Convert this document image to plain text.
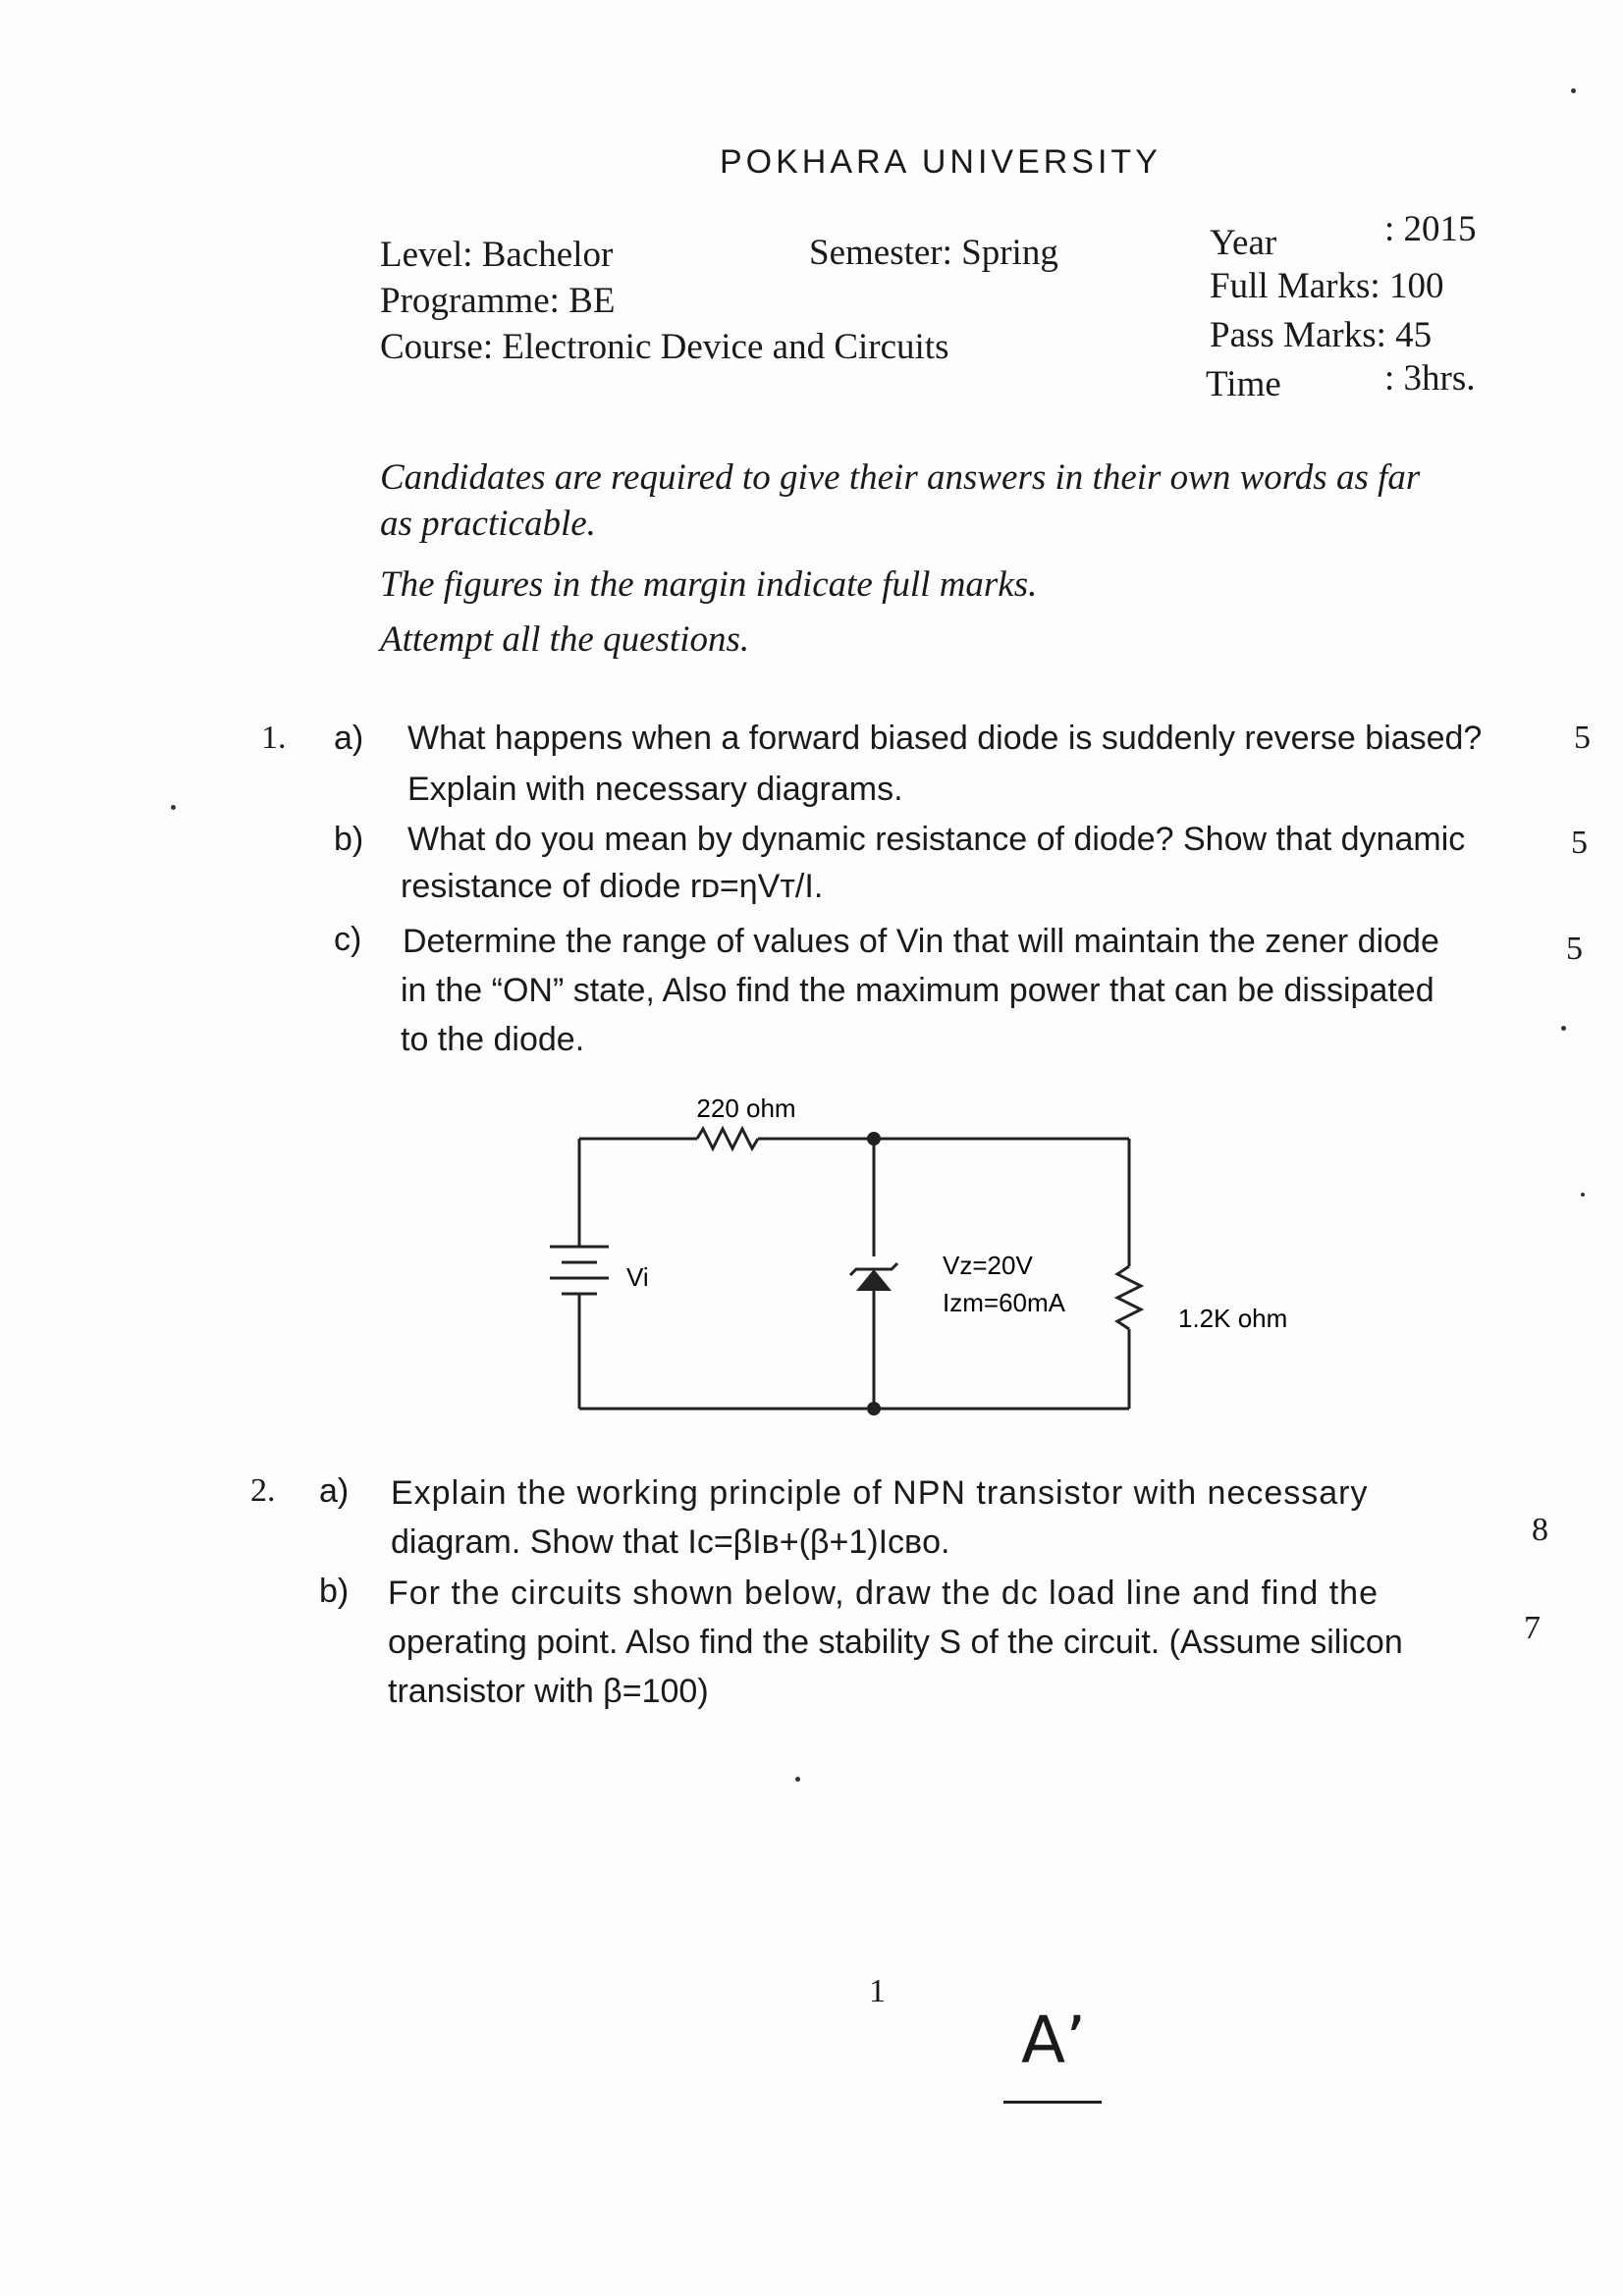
POKHARA UNIVERSITY
Level: Bachelor
Programme: BE
Course: Electronic Device and Circuits
Semester: Spring	Year	: 2015
Full Marks: 100
Pass Marks: 45
Time	: 3hrs.
Candidates are required to give their answers in their own words as far
as practicable.
The figures in the margin indicate full marks.
Attempt all the questions.
1. a) What happens when a forward biased diode is suddenly reverse biased?
Explain with necessary diagrams.
5
b) What do you mean by dynamic resistance of diode? Show that dynamic
resistance of diode rᴅ=ηVᴛ/I.
5
c) Determine the range of values of Vin that will maintain the zener diode
in the “ON” state, Also find the maximum power that can be dissipated
to the diode.
5
220 ohm
Vi	Vz=20V
Izm=60mA
1.2K ohm
2. a) Explain the working principle of NPN transistor with necessary
diagram. Show that Iᴄ=βIʙ+(β+1)Iᴄʙᴏ.	8
b) For the circuits shown below, draw the dc load line and find the
operating point. Also find the stability S of the circuit. (Assume silicon
transistor with β=100)
7
1
A’
